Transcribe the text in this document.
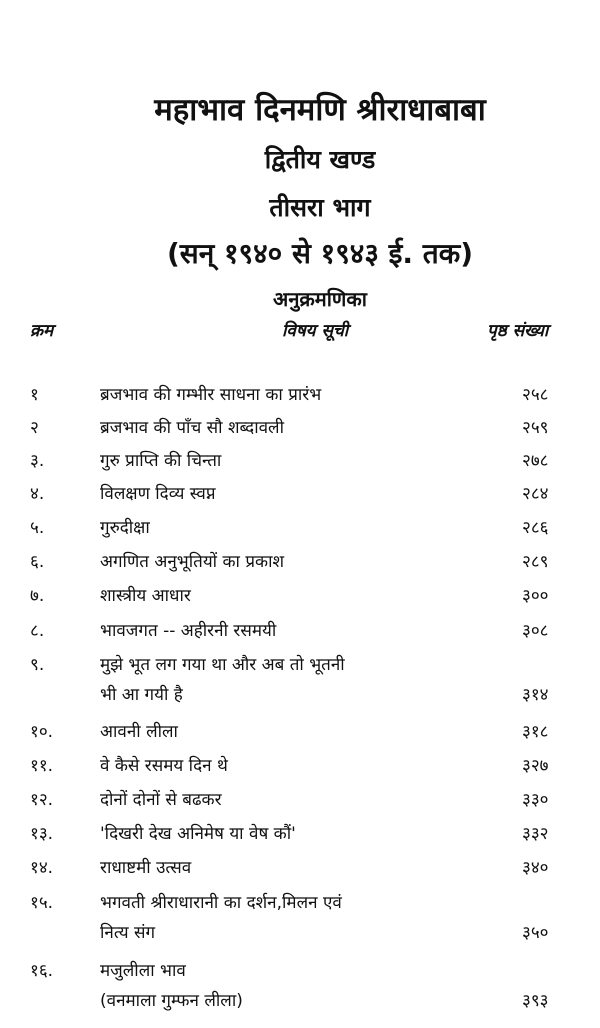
महाभाव दिनमणि श्रीराधाबाबा
द्वितीय खण्ड
तीसरा भाग
(सन् १९४० से १९४३ ई. तक)
अनुक्रमणिका
क्रम	विषय सूची	पृष्ठ संख्या
१	ब्रजभाव की गम्भीर साधना का प्रारंभ	२५८
२	ब्रजभाव की पाँच सौ शब्दावली	२५९
३.	गुरु प्राप्ति की चिन्ता	२७८
४.	विलक्षण दिव्य स्वप्न	२८४
५.	गुरुदीक्षा	२८६
६.	अगणित अनुभूतियों का प्रकाश	२८९
७.	शास्त्रीय आधार	३००
८.	भावजगत -- अहीरनी रसमयी	३०८
९.	मुझे भूत लग गया था और अब तो भूतनी
भी आ गयी है	३१४
१०.	आवनी लीला	३१८
११.	वे कैसे रसमय दिन थे	३२७
१२.	दोनों दोनों से बढकर	३३०
१३.	'दिखरी देख अनिमेष या वेष कौं'	३३२
१४.	राधाष्टमी उत्सव	३४०
१५.	भगवती श्रीराधारानी का दर्शन,मिलन एवं
नित्य संग	३५०
१६.	मजुलीला भाव
(वनमाला गुम्फन लीला)	३९३
